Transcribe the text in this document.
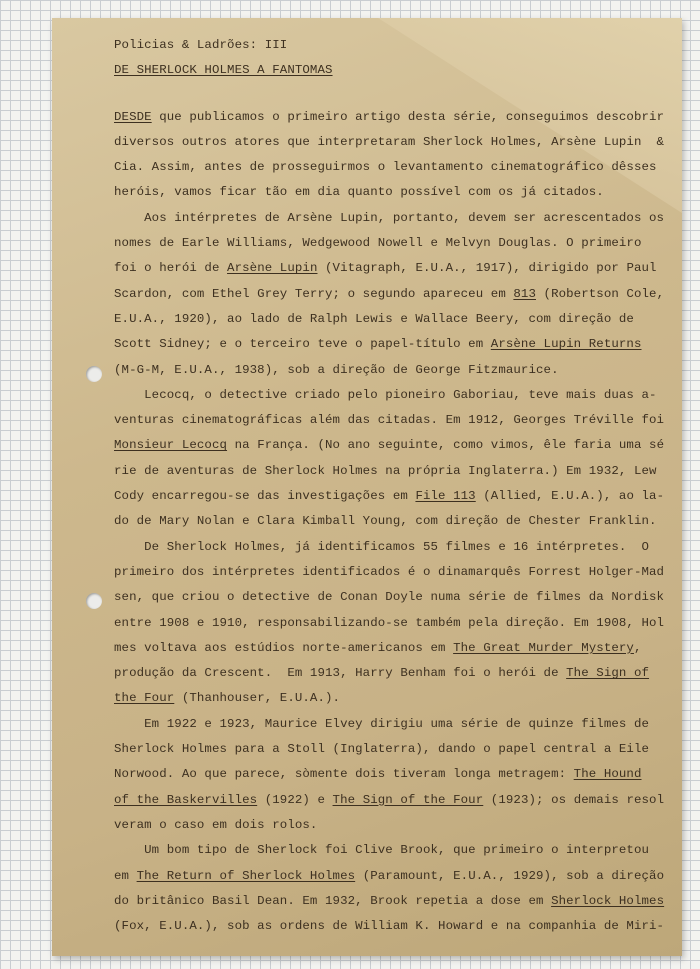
Policias & Ladrões: III
DE SHERLOCK HOLMES A FANTOMAS
DESDE que publicamos o primeiro artigo desta série, conseguimos descobrir
diversos outros atores que interpretaram Sherlock Holmes, Arsène Lupin  &
Cia. Assim, antes de prosseguirmos o levantamento cinematográfico dêsses
heróis, vamos ficar tão em dia quanto possível com os já citados.
Aos intérpretes de Arsène Lupin, portanto, devem ser acrescentados os
nomes de Earle Williams, Wedgewood Nowell e Melvyn Douglas. O primeiro
foi o herói de Arsène Lupin (Vitagraph, E.U.A., 1917), dirigido por Paul
Scardon, com Ethel Grey Terry; o segundo apareceu em 813 (Robertson Cole,
E.U.A., 1920), ao lado de Ralph Lewis e Wallace Beery, com direção de
Scott Sidney; e o terceiro teve o papel-título em Arsène Lupin Returns
(M-G-M, E.U.A., 1938), sob a direção de George Fitzmaurice.
Lecocq, o detective criado pelo pioneiro Gaboriau, teve mais duas a-
venturas cinematográficas além das citadas. Em 1912, Georges Tréville foi
Monsieur Lecocq na França. (No ano seguinte, como vimos, êle faria uma sé
rie de aventuras de Sherlock Holmes na própria Inglaterra.) Em 1932, Lew
Cody encarregou-se das investigações em File 113 (Allied, E.U.A.), ao la-
do de Mary Nolan e Clara Kimball Young, com direção de Chester Franklin.
De Sherlock Holmes, já identificamos 55 filmes e 16 intérpretes.  O
primeiro dos intérpretes identificados é o dinamarquês Forrest Holger-Mad
sen, que criou o detective de Conan Doyle numa série de filmes da Nordisk
entre 1908 e 1910, responsabilizando-se também pela direção. Em 1908, Hol
mes voltava aos estúdios norte-americanos em The Great Murder Mystery,
produção da Crescent.  Em 1913, Harry Benham foi o herói de The Sign of
the Four (Thanhouser, E.U.A.).
Em 1922 e 1923, Maurice Elvey dirigiu uma série de quinze filmes de
Sherlock Holmes para a Stoll (Inglaterra), dando o papel central a Eile
Norwood. Ao que parece, sòmente dois tiveram longa metragem: The Hound
of the Baskervilles (1922) e The Sign of the Four (1923); os demais resol
veram o caso em dois rolos.
Um bom tipo de Sherlock foi Clive Brook, que primeiro o interpretou
em The Return of Sherlock Holmes (Paramount, E.U.A., 1929), sob a direção
do britânico Basil Dean. Em 1932, Brook repetia a dose em Sherlock Holmes
(Fox, E.U.A.), sob as ordens de William K. Howard e na companhia de Miri-
